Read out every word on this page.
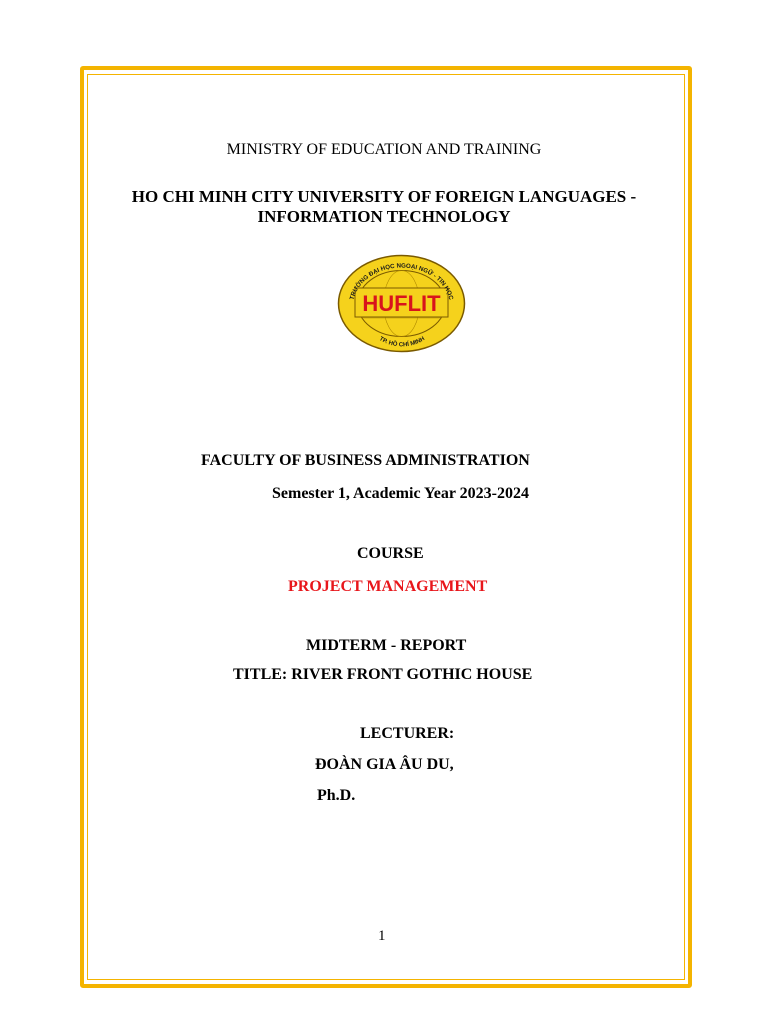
MINISTRY OF EDUCATION AND TRAINING
HO CHI MINH CITY UNIVERSITY OF FOREIGN LANGUAGES -
INFORMATION TECHNOLOGY
HUFLIT
TRƯỜNG ĐẠI HỌC NGOẠI NGỮ - TIN HỌC
TP. HỒ CHÍ MINH
FACULTY OF BUSINESS ADMINISTRATION
Semester 1, Academic Year 2023-2024
COURSE
PROJECT MANAGEMENT
MIDTERM - REPORT
TITLE: RIVER FRONT GOTHIC HOUSE
LECTURER:
ĐOÀN GIA ÂU DU,
Ph.D.
1
